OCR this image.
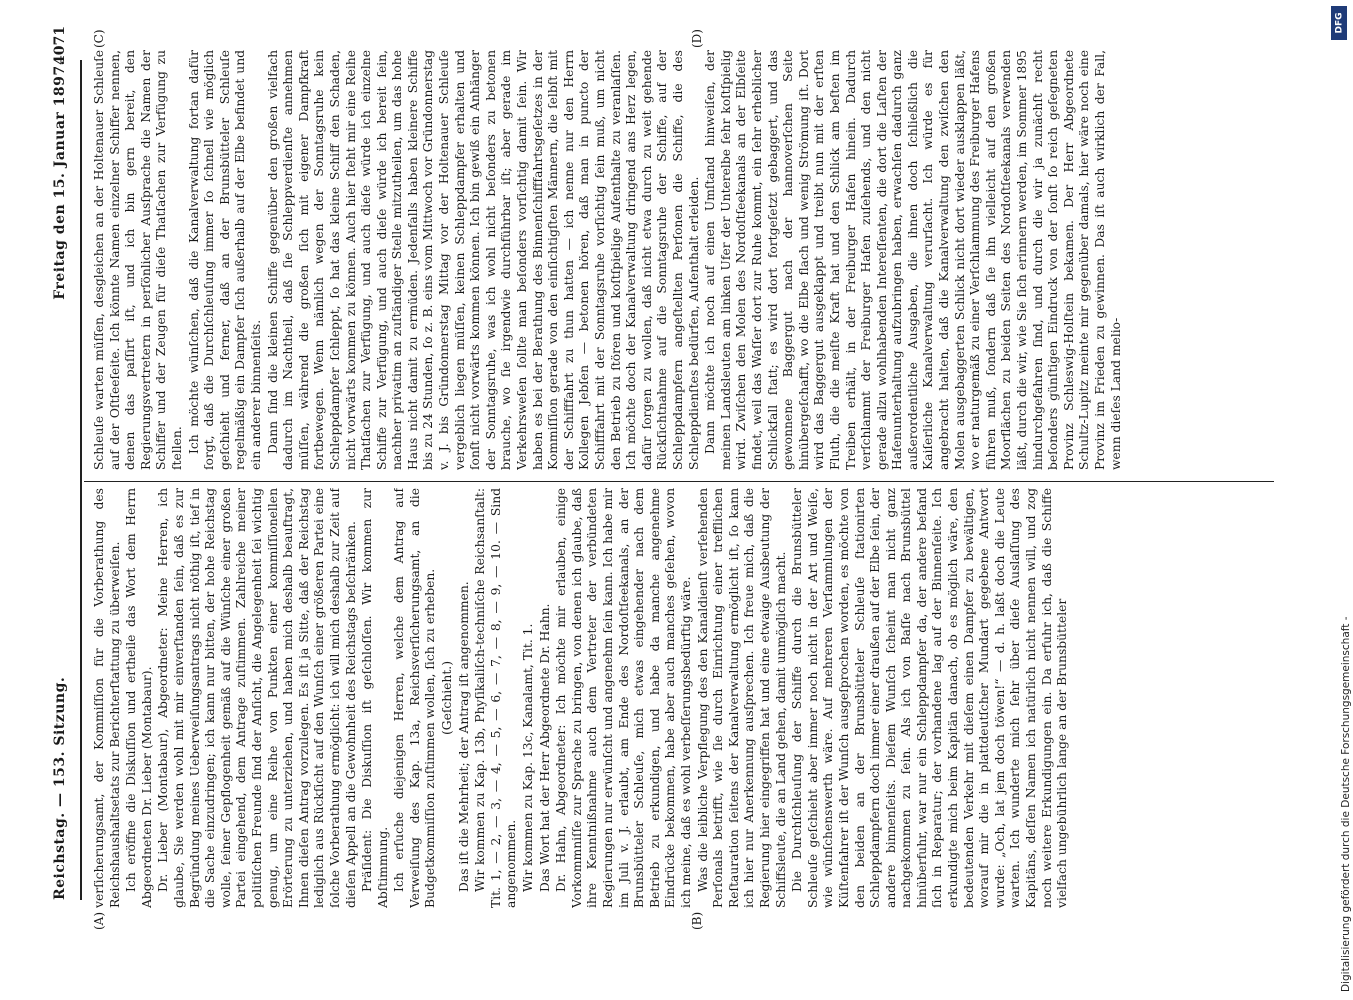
Reichstag. — 153. Sitzung.
Freitag den 15. Januar 1897.
4071
(A)	(B)
(C)	(D)

verſicherungsamt, der Kommiſſion für die Vorberathung des Reichshaushaltsetats zur Berichterſtattung zu überweiſen. Ich eröffne die Diskuſſion und ertheile das Wort dem Herrn Abgeordneten Dr. Lieber (Montabaur). Dr. Lieber (Montabaur), Abgeordneter: Meine Herren, ich glaube, Sie werden wohl mit mir einverſtanden ſein, daß es zur Begründung meines Ueberweiſungsantrags nicht nöthig iſt, tief in die Sache einzudringen; ich kann nur bitten, der hohe Reichstag wolle, ſeiner Gepflogenheit gemäß auf die Wünſche einer großen Partei eingehend, dem Antrage zuſtimmen. Zahlreiche meiner politiſchen Freunde ſind der Anſicht, die Angelegenheit ſei wichtig genug, um eine Reihe von Punkten einer kommiſſionellen Erörterung zu unterziehen, und haben mich deshalb beauftragt, Ihnen dieſen Antrag vorzulegen. Es iſt ja Sitte, daß der Reichstag lediglich aus Rückſicht auf den Wunſch einer größeren Partei eine ſolche Vorberathung ermöglicht: ich will mich deshalb zur Zeit auf dieſen Appell an die Gewohnheit des Reichstags beſchränken. Präſident: Die Diskuſſion iſt geſchloſſen. Wir kommen zur Abſtimmung. Ich erſuche diejenigen Herren, welche dem Antrag auf Verweiſung des Kap. 13a, Reichsverſicherungsamt, an die Budgetkommiſſion zuſtimmen wollen, ſich zu erheben. (Geſchieht.) Das iſt die Mehrheit; der Antrag iſt angenommen. Wir kommen zu Kap. 13b, Phyſikaliſch-techniſche Reichsanſtalt: Tit. 1, — 2, — 3, — 4, — 5, — 6, — 7, — 8, — 9, — 10. — Sind angenommen. Wir kommen zu Kap. 13c, Kanalamt, Tit. 1. Das Wort hat der Herr Abgeordnete Dr. Hahn. Dr. Hahn, Abgeordneter: Ich möchte mir erlauben, einige Vorkommniſſe zur Sprache zu bringen, von denen ich glaube, daß ihre Kenntnißnahme auch dem Vertreter der verbündeten Regierungen nur erwünſcht und angenehm ſein kann. Ich habe mir im Juli v. J. erlaubt, am Ende des Nordoſtſeekanals, an der Brunsbütteler Schleuſe, mich etwas eingehender nach dem Betrieb zu erkundigen, und habe da manche angenehme Eindrücke bekommen, habe aber auch manches geſehen, wovon ich meine, daß es wohl verbeſſerungsbedürftig wäre. Was die leibliche Verpflegung des den Kanaldienſt verſehenden Perſonals betrifft, wie ſie durch Einrichtung einer trefflichen Reſtauration ſeitens der Kanalverwaltung ermöglicht iſt, ſo kann ich hier nur Anerkennung ausſprechen. Ich freue mich, daß die Regierung hier eingegriffen hat und eine etwaige Ausbeutung der Schiffsleute, die an Land gehen, damit unmöglich macht. Die Durchſchleuſung der Schiffe durch die Brunsbütteler Schleuſe geſchieht aber immer noch nicht in der Art und Weiſe, wie wünſchenswerth wäre. Auf mehreren Verſammlungen der Küſtenfahrer iſt der Wunſch ausgeſprochen worden, es möchte von den beiden an der Brunsbütteler Schleuſe ſtationirten Schleppdampfern doch immer einer draußen auf der Elbe ſein, der andere binnenſeits. Dieſem Wunſch ſcheint man nicht ganz nachgekommen zu ſein. Als ich von Baſſe nach Brunsbüttel hinüberfuhr, war nur ein Schleppdampfer da, der andere befand ſich in Reparatur; der vorhandene lag auf der Binnenſeite. Ich erkundigte mich beim Kapitän danach, ob es möglich wäre, den bedeutenden Verkehr mit dieſem einen Dampfer zu bewältigen, worauf mir die in plattdeutſcher Mundart gegebene Antwort wurde: „Och, lat jem doch töwen!“ — d. h. laßt doch die Leute warten. Ich wunderte mich ſehr über dieſe Auslaſſung des Kapitäns, deſſen Namen ich natürlich nicht nennen will, und zog noch weitere Erkundigungen ein. Da erfuhr ich, daß die Schiffe vielfach ungebührlich lange an der Brunsbütteler

Schleuſe warten müſſen, desgleichen an der Holtenauer Schleuſe auf der Oſtſeeſeite. Ich könnte Namen einzelner Schiffer nennen, denen das paſſirt iſt, und ich bin gern bereit, den Regierungsvertretern in perſönlicher Ausſprache die Namen der Schiffer und der Zeugen für dieſe Thatſachen zur Verfügung zu ſtellen. Ich möchte wünſchen, daß die Kanalverwaltung fortan dafür ſorgt, daß die Durchſchleuſung immer ſo ſchnell wie möglich geſchieht und ferner, daß an der Brunsbütteler Schleuſe regelmäßig ein Dampfer ſich außerhalb auf der Elbe befindet und ein anderer binnenſeits. Dann ſind die kleinen Schiffe gegenüber den großen vielfach dadurch im Nachtheil, daß ſie Schleppverdienſte annehmen müſſen, während die großen ſich mit eigener Dampfkraft fortbewegen. Wenn nämlich wegen der Sonntagsruhe kein Schleppdampfer ſchleppt, ſo hat das kleine Schiff den Schaden, nicht vorwärts kommen zu können. Auch hier ſteht mir eine Reihe Thatſachen zur Verfügung, und auch dieſe würde ich einzelne Schiffe zur Verfügung, und auch dieſe würde ich bereit ſein, nachher privatim an zuſtändiger Stelle mitzutheilen, um das hohe Haus nicht damit zu ermüden. Jedenfalls haben kleinere Schiffe bis zu 24 Stunden, ſo z. B. eins vom Mittwoch vor Gründonnerstag v. J. bis Gründonnerstag Mittag vor der Holtenauer Schleuſe vergeblich liegen müſſen, keinen Schleppdampfer erhalten und ſonſt nicht vorwärts kommen können. Ich bin gewiß ein Anhänger der Sonntagsruhe, was ich wohl nicht beſonders zu betonen brauche, wo ſie irgendwie durchführbar iſt; aber gerade im Verkehrsweſen ſollte man beſonders vorſichtig damit ſein. Wir haben es bei der Berathung des Binnenſchifffahrtsgeſetzes in der Kommiſſion gerade von den einſichtigſten Männern, die ſelbſt mit der Schifffahrt zu thun hatten — ich nenne nur den Herrn Kollegen Jebſen — betonen hören, daß man in puncto der Schifffahrt mit der Sonntagsruhe vorſichtig ſein muß, um nicht den Betrieb zu ſtören und koſtſpielige Aufenthalte zu veranlaſſen. Ich möchte doch der Kanalverwaltung dringend ans Herz legen, dafür ſorgen zu wollen, daß nicht etwa durch zu weit gehende Rückſichtnahme auf die Sonntagsruhe der Schiffe, auf der Schleppdampfern angeſtellten Perſonen die Schiffe, die des Schleppdienſtes bedürfen, Aufenthalt erleiden. Dann möchte ich noch auf einen Umſtand hinweiſen, der meinen Landsleuten am linken Ufer der Unterelbe ſehr koſtſpielig wird. Zwiſchen den Molen des Nordoſtſeekanals an der Elbſeite findet, weil das Waſſer dort zur Ruhe kommt, ein ſehr erheblicher Schlickfall ſtatt; es wird dort fortgeſetzt gebaggert, und das gewonnene Baggergut nach der hannoverſchen Seite hinübergeſchafft, wo die Elbe flach und wenig Strömung iſt. Dort wird das Baggergut ausgeklappt und treibt nun mit der erſten Fluth, die die meiſte Kraft hat und den Schlick am beſten im Treiben erhält, in der Freiburger Hafen hinein. Dadurch verſchlammt der Freiburger Hafen zuſehends, und den nicht gerade allzu wohlhabenden Intereſſenten, die dort die Laſten der Hafenunterhaltung aufzubringen haben, erwachſen dadurch ganz außerordentliche Ausgaben, die ihnen doch ſchließlich die Kaiſerliche Kanalverwaltung verurſacht. Ich würde es für angebracht halten, daß die Kanalverwaltung den zwiſchen den Molen ausgebaggerten Schlick nicht dort wieder ausklappen läßt, wo er naturgemäß zu einer Verſchlammung des Freiburger Hafens führen muß, ſondern daß ſie ihn vielleicht auf den großen Moorflächen zu beiden Seiten des Nordoſtſeekanals verwenden läßt, durch die wir, wie Sie ſich erinnern werden, im Sommer 1895 hindurchgefahren ſind, und durch die wir ja zunächſt recht beſonders günſtigen Eindruck von der ſonſt ſo reich geſegneten Provinz Schleswig-Holſtein bekamen. Der Herr Abgeordnete Schultz-Lupitz meinte mir gegenüber damals, hier wäre noch eine Provinz im Frieden zu gewinnen. Das iſt auch wirklich der Fall, wenn dieſes Land melio-

DFG
Digitalisierung gefördert durch die Deutsche Forschungsgemeinschaft -
